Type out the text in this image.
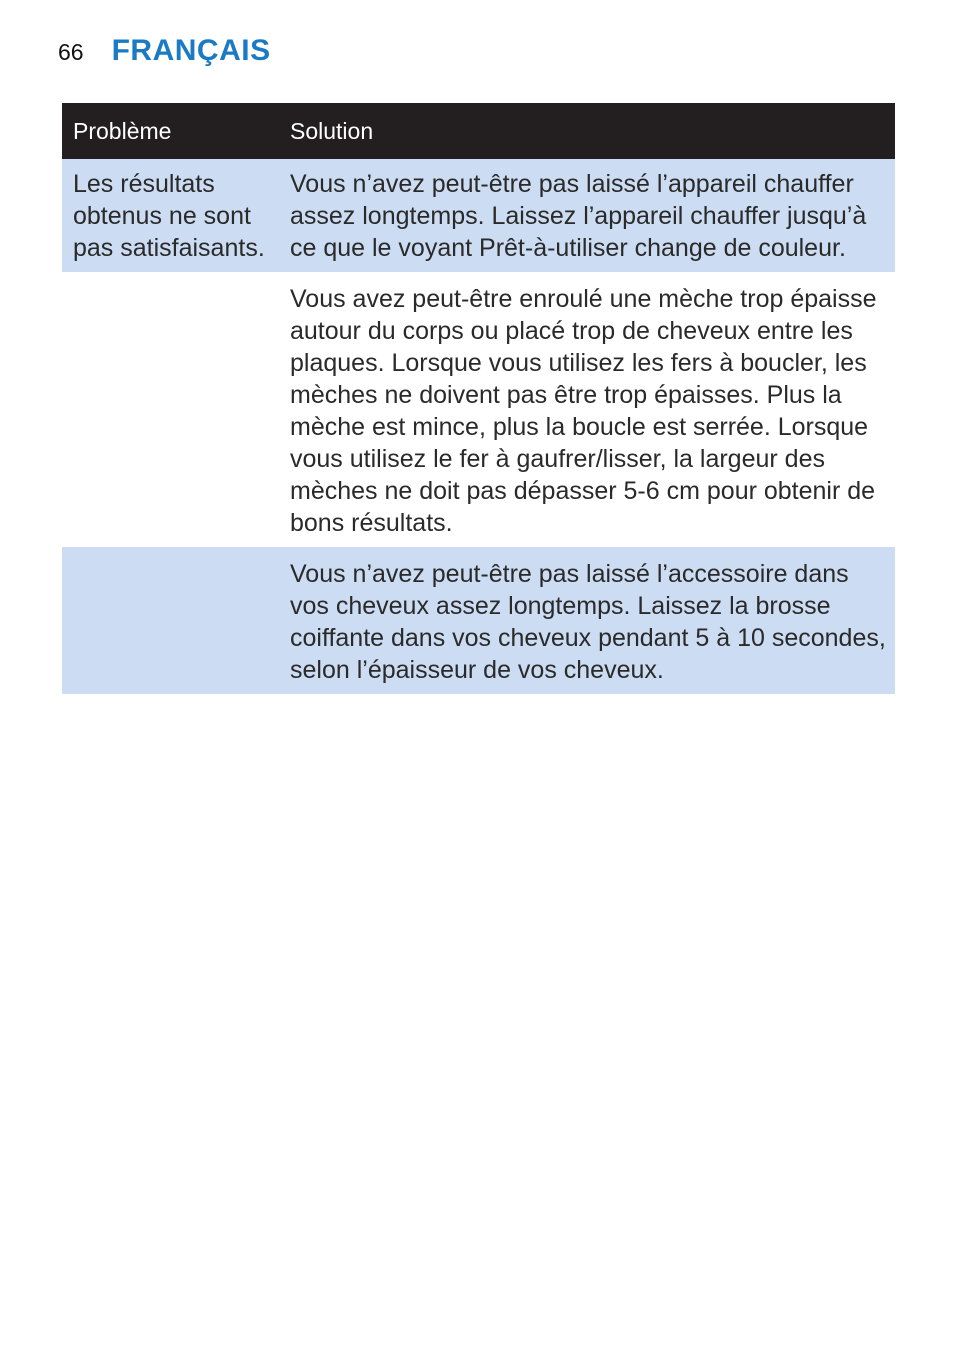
66 FRANÇAIS
Problème	Solution
Les résultats obtenus ne sont pas satisfaisants.	Vous n’avez peut-être pas laissé l’appareil chauffer assez longtemps. Laissez l’appareil chauffer jusqu’à ce que le voyant Prêt-à-utiliser change de couleur.
	Vous avez peut-être enroulé une mèche trop épaisse autour du corps ou placé trop de cheveux entre les plaques. Lorsque vous utilisez les fers à boucler, les mèches ne doivent pas être trop épaisses. Plus la mèche est mince, plus la boucle est serrée. Lorsque vous utilisez le fer à gaufrer/lisser, la largeur des mèches ne doit pas dépasser 5-6 cm pour obtenir de bons résultats.
	Vous n’avez peut-être pas laissé l’accessoire dans vos cheveux assez longtemps. Laissez la brosse coiffante dans vos cheveux pendant 5 à 10 secondes, selon l’épaisseur de vos cheveux.
